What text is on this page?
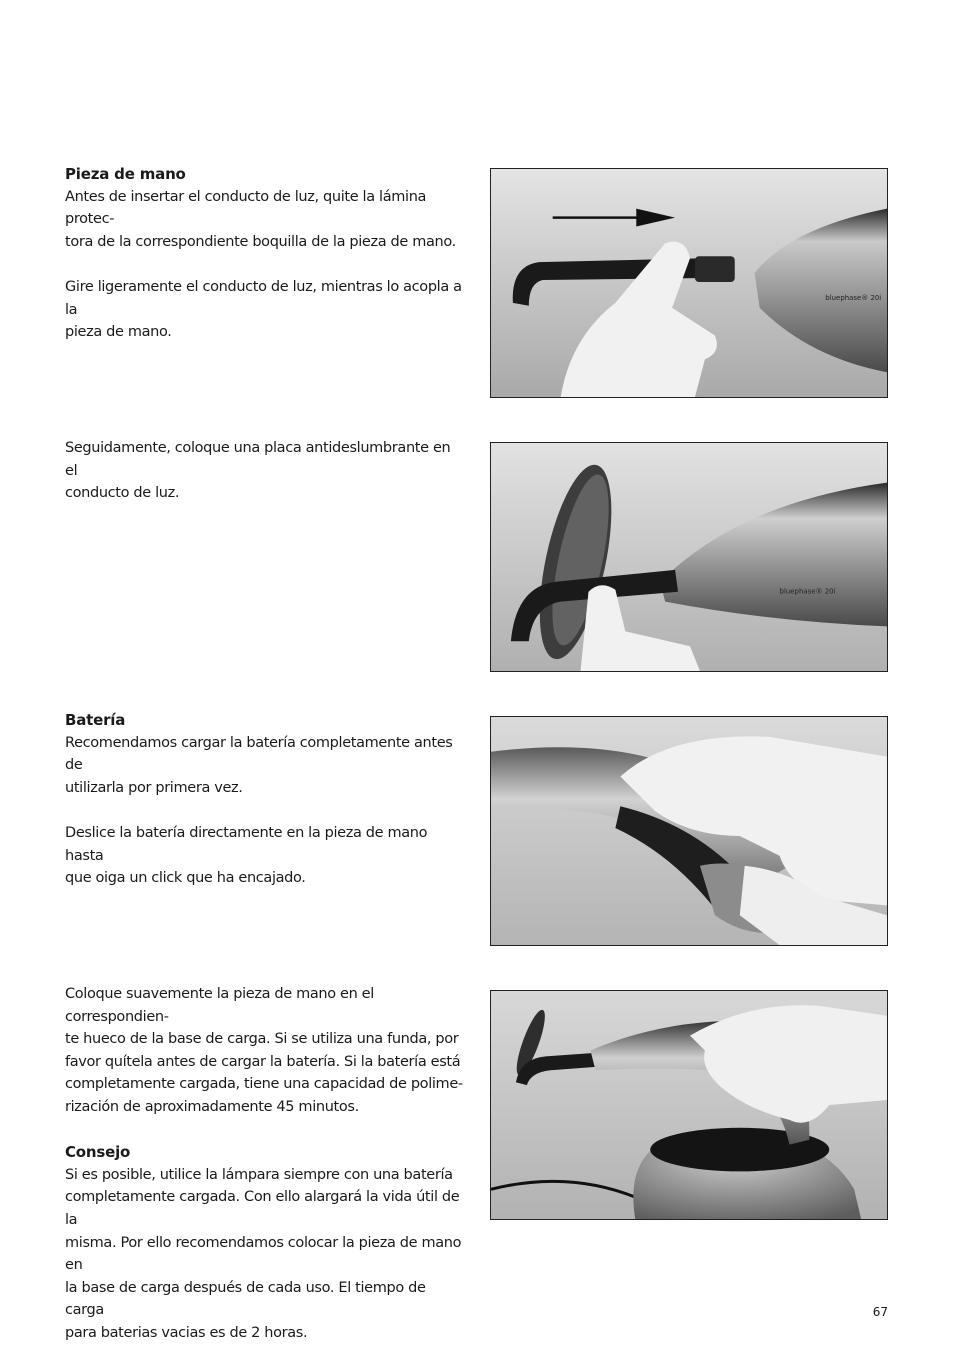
Pieza de mano

Antes de insertar el conducto de luz, quite la lámina protec-

tora de la correspondiente boquilla de la pieza de mano.

Gire ligeramente el conducto de luz, mientras lo acopla a la

pieza de mano.

bluephase® 20i

Seguidamente, coloque una placa antideslumbrante en el

conducto de luz.

bluephase® 20i

Batería

Recomendamos cargar la batería completamente antes de

utilizarla por primera vez.

Deslice la batería directamente en la pieza de mano hasta

que oiga un click que ha encajado.

Coloque suavemente la pieza de mano en el correspondien-

te hueco de la base de carga. Si se utiliza una funda, por

favor quítela antes de cargar la batería. Si la batería está

completamente cargada, tiene una capacidad de polime-

rización de aproximadamente 45 minutos.

Consejo

Si es posible, utilice la lámpara siempre con una batería

completamente cargada. Con ello alargará la vida útil de la

misma. Por ello recomendamos colocar la pieza de mano en

la base de carga después de cada uso. El tiempo de carga

para baterias vacias es de 2 horas.

67
